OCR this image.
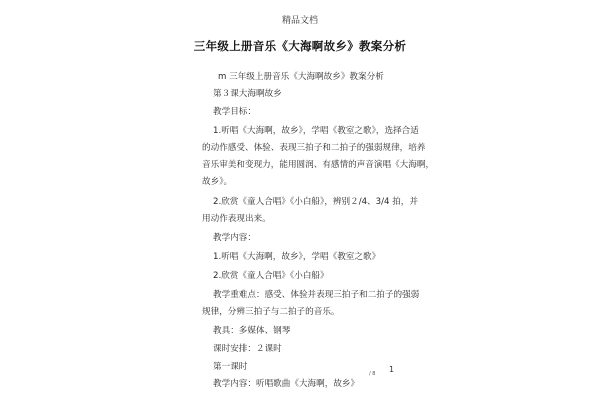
精品文档
三年级上册音乐《大海啊故乡》教案分析
m 三年级上册音乐《大海啊故乡》教案分析
第３课大海啊故乡
教学目标：
1.听唱《大海啊，故乡》，学唱《教室之歌》，选择合适
的动作感受、体验、表现三拍子和二拍子的强弱规律，培养
音乐审美和变现力，能用圆润、有感情的声音演唱《大海啊，
故乡》。
2.欣赏《童人合唱》《小白船》，辨别２/4、3/4 拍，并
用动作表现出来。
教学内容：
1.听唱《大海啊，故乡》，学唱《教室之歌》
2.欣赏《童人合唱》《小白船》
教学重难点：感受、体验并表现三拍子和二拍子的强弱
规律，分辨三拍子与二拍子的音乐。
教具：多媒体、钢琴
课时安排：２课时
第一课时
教学内容：听唱歌曲《大海啊，故乡》
/ 8 1
